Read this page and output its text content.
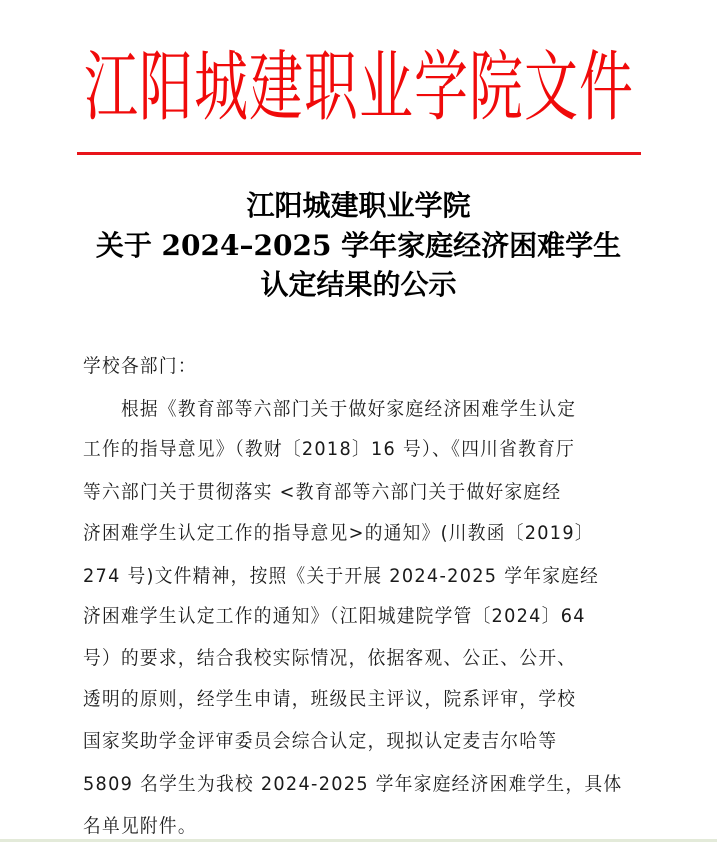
江阳城建职业学院文件
江阳城建职业学院
关于 2024–2025 学年家庭经济困难学生
认定结果的公示
学校各部门：
　　根据《教育部等六部门关于做好家庭经济困难学生认定
工作的指导意见》（教财〔2018〕16 号）、《四川省教育厅
等六部门关于贯彻落实 <教育部等六部门关于做好家庭经
济困难学生认定工作的指导意见>的通知》(川教函〔2019〕
274 号)文件精神，按照《关于开展 2024-2025 学年家庭经
济困难学生认定工作的通知》（江阳城建院学管〔2024〕64
号）的要求，结合我校实际情况，依据客观、公正、公开、
透明的原则，经学生申请，班级民主评议，院系评审，学校
国家奖助学金评审委员会综合认定，现拟认定麦吉尔哈等
5809 名学生为我校 2024-2025 学年家庭经济困难学生，具体
名单见附件。
